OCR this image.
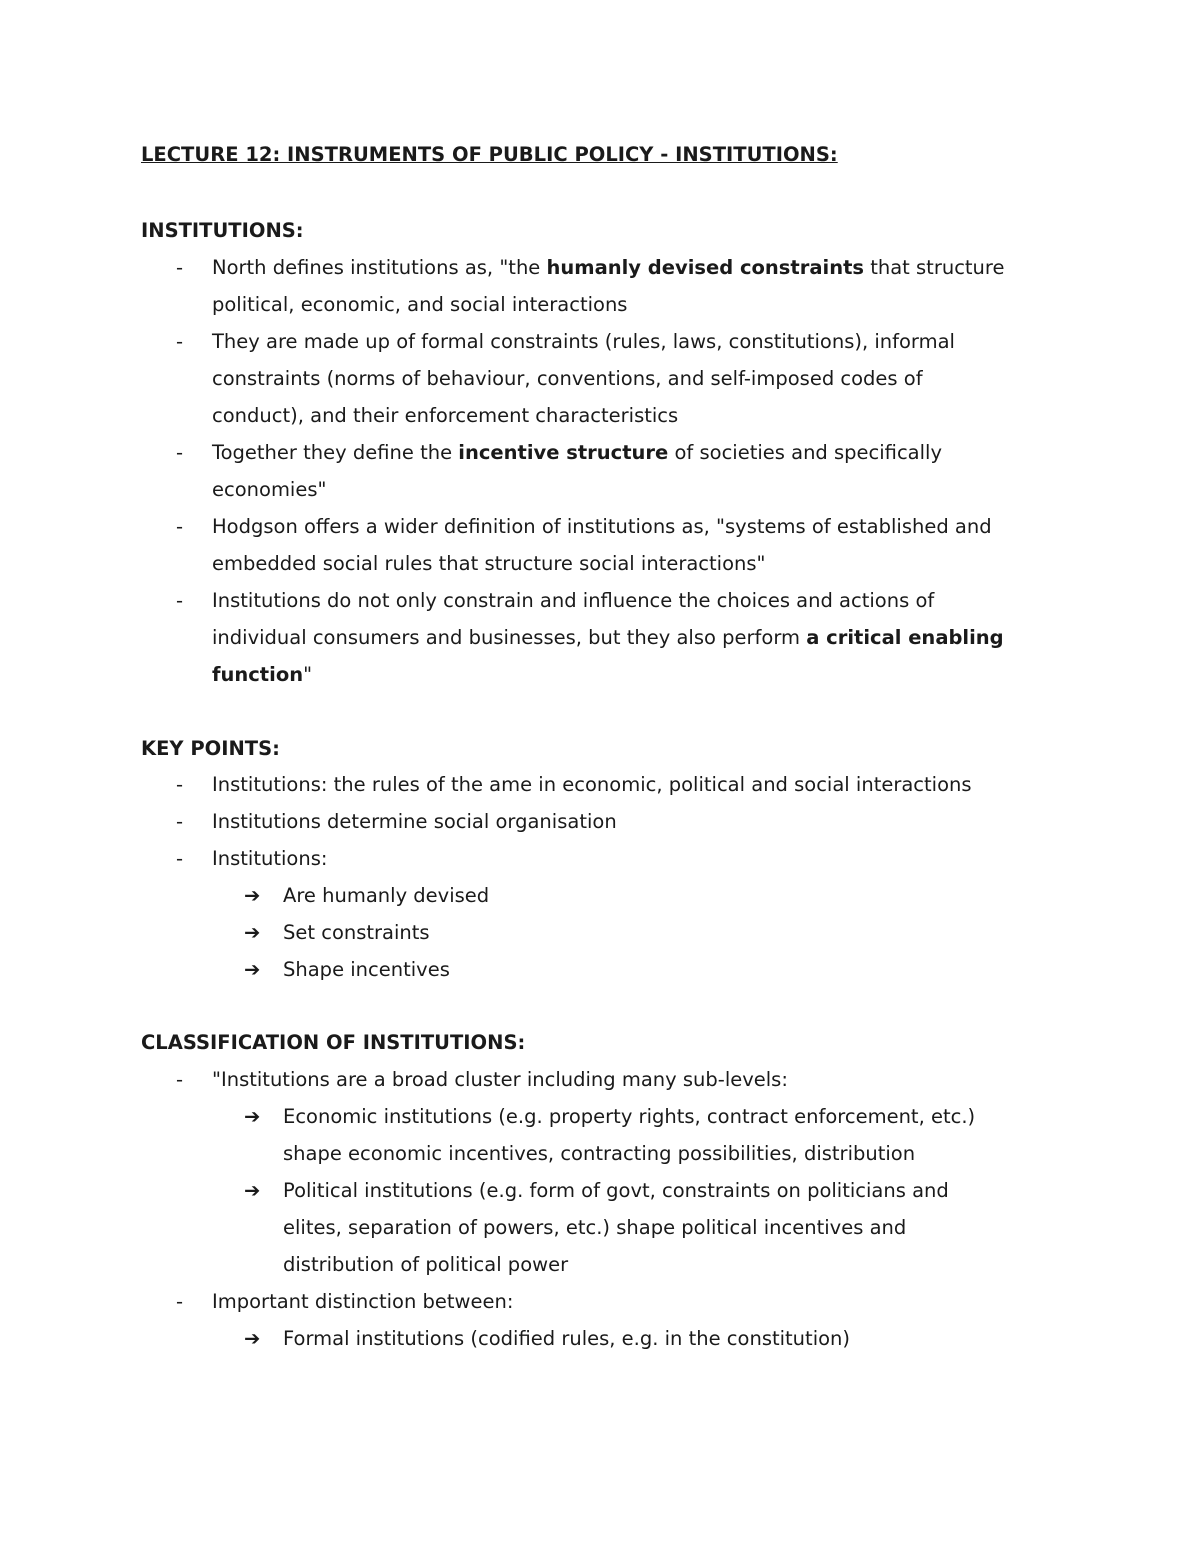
LECTURE 12: INSTRUMENTS OF PUBLIC POLICY - INSTITUTIONS:
INSTITUTIONS:
-	North defines institutions as, "the humanly devised constraints that structure
political, economic, and social interactions
-	They are made up of formal constraints (rules, laws, constitutions), informal
constraints (norms of behaviour, conventions, and self-imposed codes of
conduct), and their enforcement characteristics
-	Together they define the incentive structure of societies and specifically
economies"
-	Hodgson offers a wider definition of institutions as, "systems of established and
embedded social rules that structure social interactions"
-	Institutions do not only constrain and influence the choices and actions of
individual consumers and businesses, but they also perform a critical enabling
function"
KEY POINTS:
-	Institutions: the rules of the ame in economic, political and social interactions
-	Institutions determine social organisation
-	Institutions:
➔	Are humanly devised
➔	Set constraints
➔	Shape incentives
CLASSIFICATION OF INSTITUTIONS:
-	"Institutions are a broad cluster including many sub-levels:
➔	Economic institutions (e.g. property rights, contract enforcement, etc.)
shape economic incentives, contracting possibilities, distribution
➔	Political institutions (e.g. form of govt, constraints on politicians and
elites, separation of powers, etc.) shape political incentives and
distribution of political power
-	Important distinction between:
➔	Formal institutions (codified rules, e.g. in the constitution)
